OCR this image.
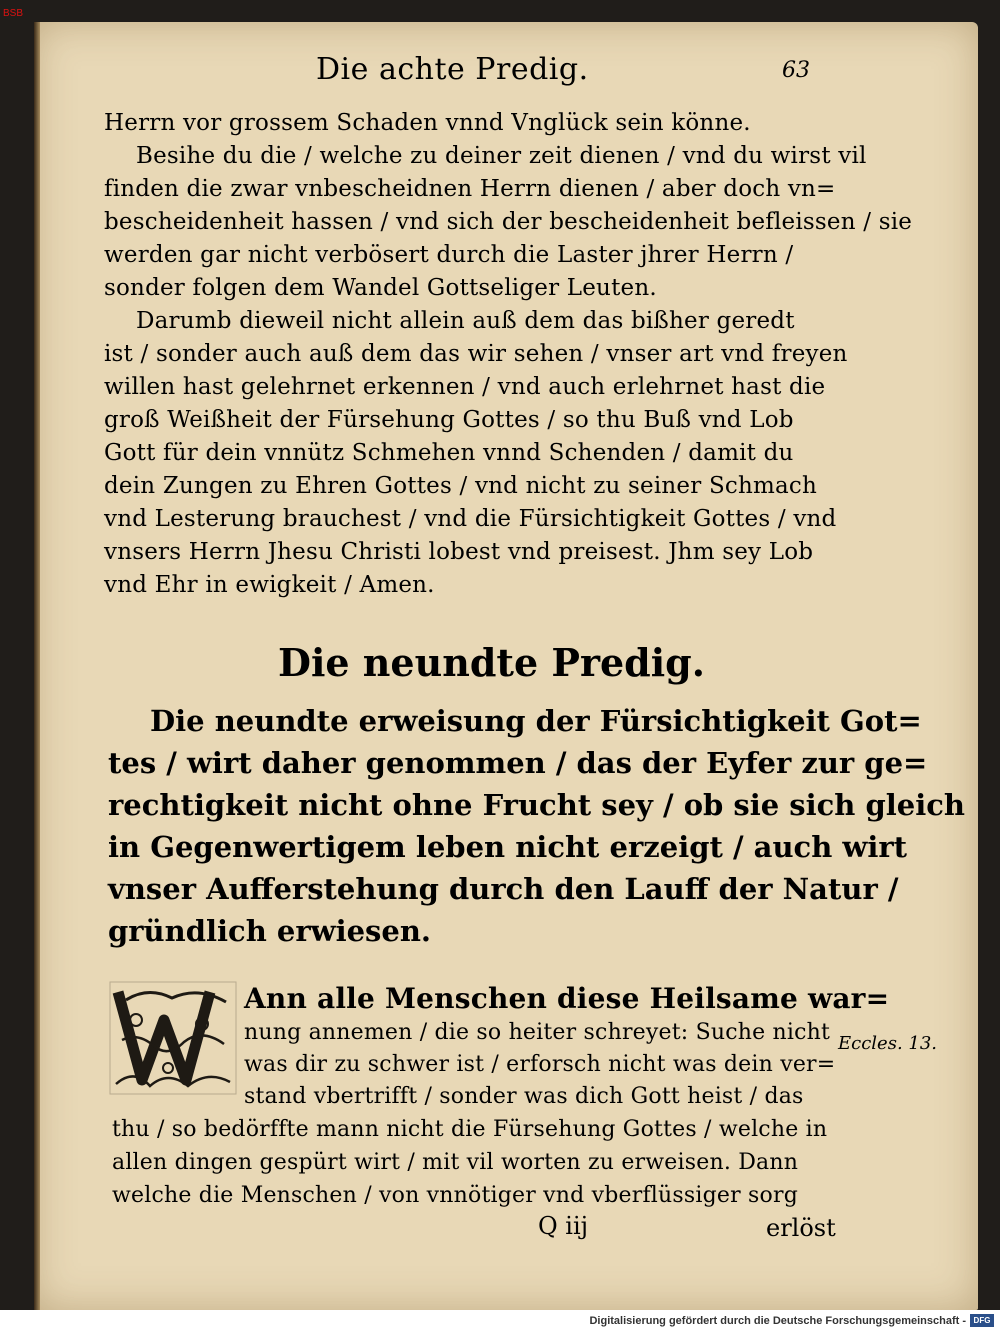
BSB
Die achte Predig.	63
Herrn vor grossem Schaden vnnd Vnglück sein könne.
Besihe du die / welche zu deiner zeit dienen / vnd du wirst vil
finden die zwar vnbescheidnen Herrn dienen / aber doch vn=
bescheidenheit hassen / vnd sich der bescheidenheit befleissen / sie
werden gar nicht verbösert durch die Laster jhrer Herrn /
sonder folgen dem Wandel Gottseliger Leuten.
Darumb dieweil nicht allein auß dem das bißher geredt
ist / sonder auch auß dem das wir sehen / vnser art vnd freyen
willen hast gelehrnet erkennen / vnd auch erlehrnet hast die
groß Weißheit der Fürsehung Gottes / so thu Buß vnd Lob
Gott für dein vnnütz Schmehen vnnd Schenden / damit du
dein Zungen zu Ehren Gottes / vnd nicht zu seiner Schmach
vnd Lesterung brauchest / vnd die Fürsichtigkeit Gottes / vnd
vnsers Herrn Jhesu Christi lobest vnd preisest. Jhm sey Lob
vnd Ehr in ewigkeit / Amen.
Die neundte Predig.
Die neundte erweisung der Fürsichtigkeit Got=
tes / wirt daher genommen / das der Eyfer zur ge=
rechtigkeit nicht ohne Frucht sey / ob sie sich gleich
in Gegenwertigem leben nicht erzeigt / auch wirt
vnser Aufferstehung durch den Lauff der Natur /
gründlich erwiesen.
Ann alle Menschen diese Heilsame war=
nung annemen / die so heiter schreyet: Suche nicht
was dir zu schwer ist / erforsch nicht was dein ver=
stand vbertrifft / sonder was dich Gott heist / das
thu / so bedörffte mann nicht die Fürsehung Gottes / welche in
allen dingen gespürt wirt / mit vil worten zu erweisen. Dann
welche die Menschen / von vnnötiger vnd vberflüssiger sorg
Eccles. 13.
Q iij	erlöst
Digitalisierung gefördert durch die Deutsche Forschungsgemeinschaft - DFG
